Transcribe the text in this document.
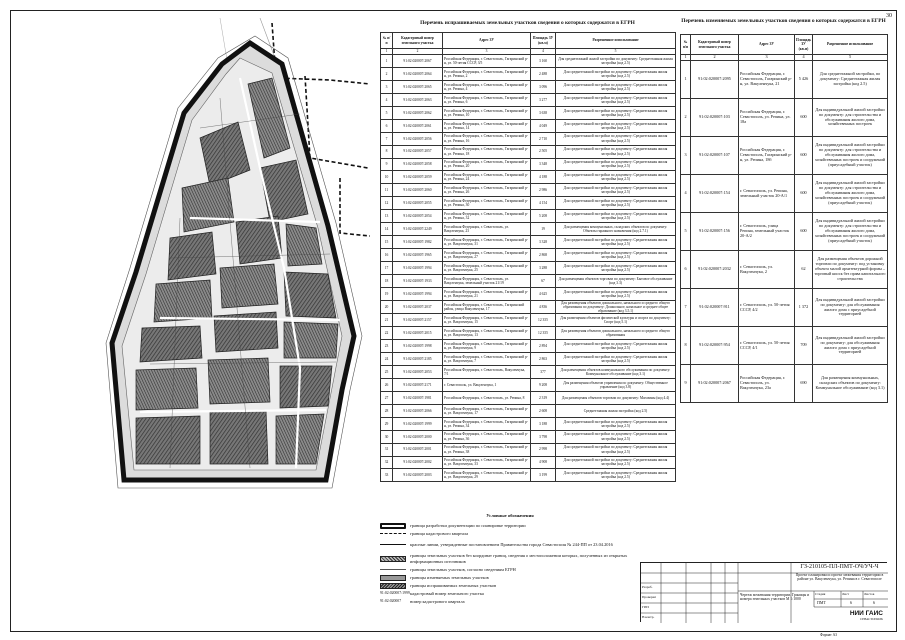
30
Перечень испрашиваемых земельных участков сведения о которых содержатся в ЕГРН
№ п/п	Кадастровый номер земельного участка	Адрес ЗУ	Площадь ЗУ (кв.м)	Разрешенное использование
1	2	3	4	5
1	91:02:020007:2067	Российская Федерация, г. Севастополь, Гагаринский р-н, ул. 50-летия СССР, 3/5	3 160	Для среднеэтажной жилой застройки по документу: Среднеэтажная жилая застройка (код 2.5)
2	91:02:020007:2064	Российская Федерация, г. Севастополь, Гагаринский р-н, ул. Репина, 2	2 488	Для среднеэтажной застройки по документу: Среднеэтажная жилая застройка (код 2.5)
3	91:02:020007:2065	Российская Федерация, г. Севастополь, Гагаринский р-н, ул. Репина, 4	3 096	Для среднеэтажной застройки по документу: Среднеэтажная жилая застройка (код 2.5)
4	91:02:020007:2063	Российская Федерация, г. Севастополь, Гагаринский р-н, ул. Репина, 6	3 277	Для среднеэтажной застройки по документу: Среднеэтажная жилая застройка (код 2.5)
5	91:02:020007:2062	Российская Федерация, г. Севастополь, Гагаринский р-н, ул. Репина, 10	3 638	Для среднеэтажной застройки по документу: Среднеэтажная жилая застройка (код 2.5)
6	91:02:020007:2061	Российская Федерация, г. Севастополь, Гагаринский р-н, ул. Репина, 14	4 049	Для среднеэтажной застройки по документу: Среднеэтажная жилая застройка (код 2.5)
7	91:02:020007:2056	Российская Федерация, г. Севастополь, Гагаринский р-н, ул. Репина, 16	2 710	Для среднеэтажной застройки по документу: Среднеэтажная жилая застройка (код 2.5)
8	91:02:020007:2057	Российская Федерация, г. Севастополь, Гагаринский р-н, ул. Репина, 18	2 505	Для среднеэтажной застройки по документу: Среднеэтажная жилая застройка (код 2.5)
9	91:02:020007:2058	Российская Федерация, г. Севастополь, Гагаринский р-н, ул. Репина, 20	3 348	Для среднеэтажной застройки по документу: Среднеэтажная жилая застройка (код 2.5)
10	91:02:020007:2059	Российская Федерация, г. Севастополь, Гагаринский р-н, ул. Репина, 24	4 188	Для среднеэтажной застройки по документу: Среднеэтажная жилая застройка (код 2.5)
11	91:02:020007:2060	Российская Федерация, г. Севастополь, Гагаринский р-н, ул. Репина, 26	2 986	Для среднеэтажной застройки по документу: Среднеэтажная жилая застройка (код 2.5)
12	91:02:020007:2055	Российская Федерация, г. Севастополь, Гагаринский р-н, ул. Репина, 30	4 154	Для среднеэтажной застройки по документу: Среднеэтажная жилая застройка (код 2.5)
13	91:02:020007:2054	Российская Федерация, г. Севастополь, Гагаринский р-н, ул. Репина, 32	5 208	Для среднеэтажной застройки по документу: Среднеэтажная жилая застройка (код 2.5)
14	91:02:020007:2249	Российская Федерация, г. Севастополь, ул. Вакуленчука, 23	19	Для размещения коммунальных, складских объектов по документу: Объекты гаражного назначения (код 2.7.1)
15	91:02:020007:1982	Российская Федерация, г. Севастополь, Гагаринский р-н, ул. Вакуленчука, 31	3 328	Для среднеэтажной застройки по документу: Среднеэтажная жилая застройка (код 2.5)
16	91:02:020007:1965	Российская Федерация, г. Севастополь, Гагаринский р-н, ул. Вакуленчука, 27	2 868	Для среднеэтажной застройки по документу: Среднеэтажная жилая застройка (код 2.5)
17	91:02:020007:1994	Российская Федерация, г. Севастополь, Гагаринский р-н, ул. Вакуленчука, 25	3 288	Для среднеэтажной застройки по документу: Среднеэтажная жилая застройка (код 2.5)
18	91:02:020007:1933	Российская Федерация, г. Севастополь, ул. Вакуленчука, земельный участок 21/19	67	Для размещения объектов торговли по документу: Бытовое обслуживание (код 3.3)
19	91:02:020007:1994	Российская Федерация, г. Севастополь, Гагаринский р-н, ул. Вакуленчука, 21	4 625	Для среднеэтажной застройки по документу: Среднеэтажная жилая застройка (код 2.5)
20	91:02:020007:2037	Российская Федерация, г. Севастополь, Гагаринский район, улица Вакуленчука, 17	4 836	Для размещения объектов дошкольного, начального и среднего общего образования по документу: Дошкольное, начальное и среднее общее образование (код 3.5.1)
21	91:02:020007:2157	Российская Федерация, г. Севастополь, Гагаринский р-н, ул. Вакуленчука, 15	12 355	Для размещения объектов физической культуры и спорта по документу: Спорт (код 5.1)
22	91:02:020007:2015	Российская Федерация, г. Севастополь, Гагаринский р-н, ул. Вакуленчука, 13	12 355	Для размещения объектов дошкольного, начального и среднего общего образования
23	91:02:020007:1998	Российская Федерация, г. Севастополь, Гагаринский р-н, ул. Вакуленчука, 9	2 894	Для среднеэтажной застройки по документу: Среднеэтажная жилая застройка (код 2.5)
24	91:02:020007:2185	Российская Федерация, г. Севастополь, Гагаринский р-н, ул. Вакуленчука, 7	2 863	Для среднеэтажной застройки по документу: Среднеэтажная жилая застройка (код 2.5)
25	91:02:020007:2053	Российская Федерация, г. Севастополь, Вакуленчука, 7/1	377	Для размещения объектов коммунального обслуживания по документу: Коммунальное обслуживание (код 3.1)
26	91:02:020007:2171	г. Севастополь, ул. Вакуленчука, 1	9 208	Для размещения объектов управления по документу: Общественное управление (код 3.8)
27	91:02:020007:1981	Российская Федерация, г. Севастополь, ул. Репина, 8	2 319	Для размещения объектов торговли по документу: Магазины (код 4.4)
28	91:02:020007:2066	Российская Федерация, г. Севастополь, Гагаринский р-н, ул. Вакуленчука, 17	2 608	Среднеэтажная жилая застройка (код 2.5)
29	91:02:020007:1999	Российская Федерация, г. Севастополь, Гагаринский р-н, ул. Репина, 34	3 188	Для среднеэтажной застройки по документу: Среднеэтажная жилая застройка (код 2.5)
30	91:02:020007:2000	Российская Федерация, г. Севастополь, Гагаринский р-н, ул. Репина, 36	3 798	Для среднеэтажной застройки по документу: Среднеэтажная жилая застройка (код 2.5)
31	91:02:020007:2001	Российская Федерация, г. Севастополь, Гагаринский р-н, ул. Репина, 38	2 998	Для среднеэтажной застройки по документу: Среднеэтажная жилая застройка (код 2.5)
32	91:02:020007:2002	Российская Федерация, г. Севастополь, Гагаринский р-н, ул. Вакуленчука, 33	4 908	Для среднеэтажной застройки по документу: Среднеэтажная жилая застройка (код 2.5)
33	91:02:020007:2003	Российская Федерация, г. Севастополь, Гагаринский р-н, ул. Вакуленчука, 29	3 199	Для среднеэтажной застройки по документу: Среднеэтажная жилая застройка (код 2.5)
Перечень изменяемых земельных участков сведения о которых содержатся в ЕГРН
№ п/п	Кадастровый номер земельного участка	Адрес ЗУ	Площадь ЗУ (кв.м)	Разрешенное использование
1	2	3	4	5
1	91:02:020007:2095	Российская Федерация, г. Севастополь, Гагаринский р-н, ул. Вакуленчука, 21	5 426	Для среднеэтажной застройки, по документу: Среднеэтажная жилая застройка (код 2.5)
2	91:02:020007:103	Российская Федерация, г. Севастополь, ул. Репина, ул. 18а	600	Для индивидуальной жилой застройки по документу: для строительства и обслуживания жилого дома, хозяйственных построек
3	91:02:020007:107	Российская Федерация, г. Севастополь, Гагаринский р-н, ул. Репина, 18б	600	Для индивидуальной жилой застройки по документу: для строительства и обслуживания жилого дома, хозяйственных построек и сооружений (приусадебный участок)
4	91:02:020007:154	г. Севастополь, ул. Репина, земельный участок 20-А/1	600	Для индивидуальной жилой застройки по документу: для строительства и обслуживания жилого дома, хозяйственных построек и сооружений (приусадебный участок)
5	91:02:020007:156	г. Севастополь, улица Репина, земельный участок 20-А/2	600	Для индивидуальной жилой застройки по документу: для строительства и обслуживания жилого дома, хозяйственных построек и сооружений (приусадебный участок)
6	91:02:020007:2032	г. Севастополь, ул. Вакуленчука, 2	62	Для размещения объектов дорожной торговли по документу: под установку объекта малой архитектурной формы – торговый киоск без права капитального строительства
7	91:02:020007:911	г. Севастополь, ул. 50-летия СССР, 4/2	1 372	Для индивидуальной жилой застройки по документу: для обслуживания жилого дома с приусадебной территорией
8	91:02:020007:954	г. Севастополь, ул. 50-летия СССР, 4/1	709	Для индивидуальной жилой застройки по документу: для обслуживания жилого дома с приусадебной территорией
9	91:02:020007:2067	Российская Федерация, г. Севастополь, ул. Вакуленчука, 23а	690	Для размещения коммунальных, складских объектов по документу: Коммунальное обслуживание (код 3.1)
Условные обозначения
граница разработки документации по планировке территории
граница кадастрового квартала
красные линии, утвержденные постановлением Правительства города Севастополя № 244-ПП от 23.04.2016
границы земельных участков без координат границ, сведения о местоположении которых, полученных из открытых информационных источников
границы земельных участков, согласно сведениям ЕГРН
границы изменяемых земельных участков
границы испрашиваемых земельных участков
91:02:020007:1999 кадастровый номер земельного участка
91:02:020007	номер кадастрового квартала
ГЗ-210105-ПЛ-ПМТ-ОЧ/УЧ-Ч
Проект планировки и проект межевания территории в районе ул. Вакуленчука, ул. Репина в г. Севастополе
Чертеж межевания территории. Границы и номера земельных участков М 1:1000
Стадия	Лист	Листов
ПМТ	6	6
Разраб.
Проверил
ГИП
Н.контр.	НИИ ГАИС
СЕВАСТОПОЛЬ
Формат А3
